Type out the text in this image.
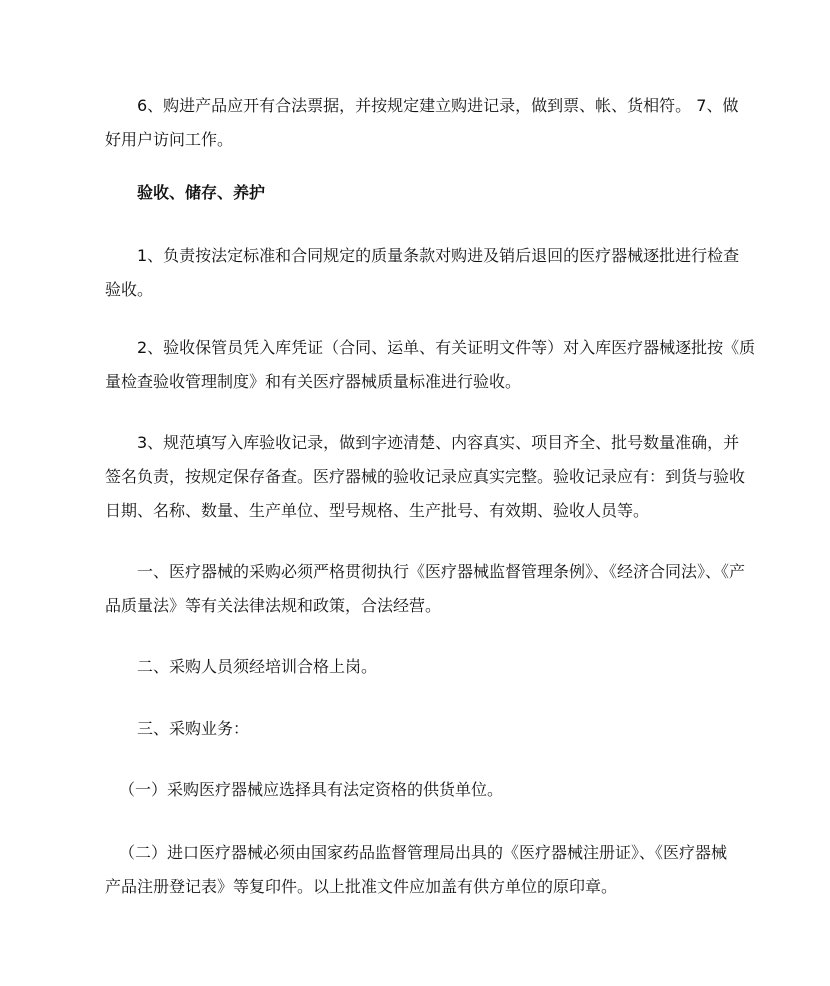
6、购进产品应开有合法票据，并按规定建立购进记录，做到票、帐、货相符。 7、做
好用户访问工作。
验收、储存、养护
1、负责按法定标准和合同规定的质量条款对购进及销后退回的医疗器械逐批进行检查
验收。
2、验收保管员凭入库凭证（合同、运单、有关证明文件等）对入库医疗器械逐批按《质
量检查验收管理制度》和有关医疗器械质量标准进行验收。
3、规范填写入库验收记录，做到字迹清楚、内容真实、项目齐全、批号数量准确，并
签名负责，按规定保存备查。医疗器械的验收记录应真实完整。验收记录应有：到货与验收
日期、名称、数量、生产单位、型号规格、生产批号、有效期、验收人员等。
一、医疗器械的采购必须严格贯彻执行《医疗器械监督管理条例》、《经济合同法》、《产
品质量法》等有关法律法规和政策，合法经营。
二、采购人员须经培训合格上岗。
三、采购业务：
（一）采购医疗器械应选择具有法定资格的供货单位。
（二）进口医疗器械必须由国家药品监督管理局出具的《医疗器械注册证》、《医疗器械
产品注册登记表》等复印件。以上批准文件应加盖有供方单位的原印章。
